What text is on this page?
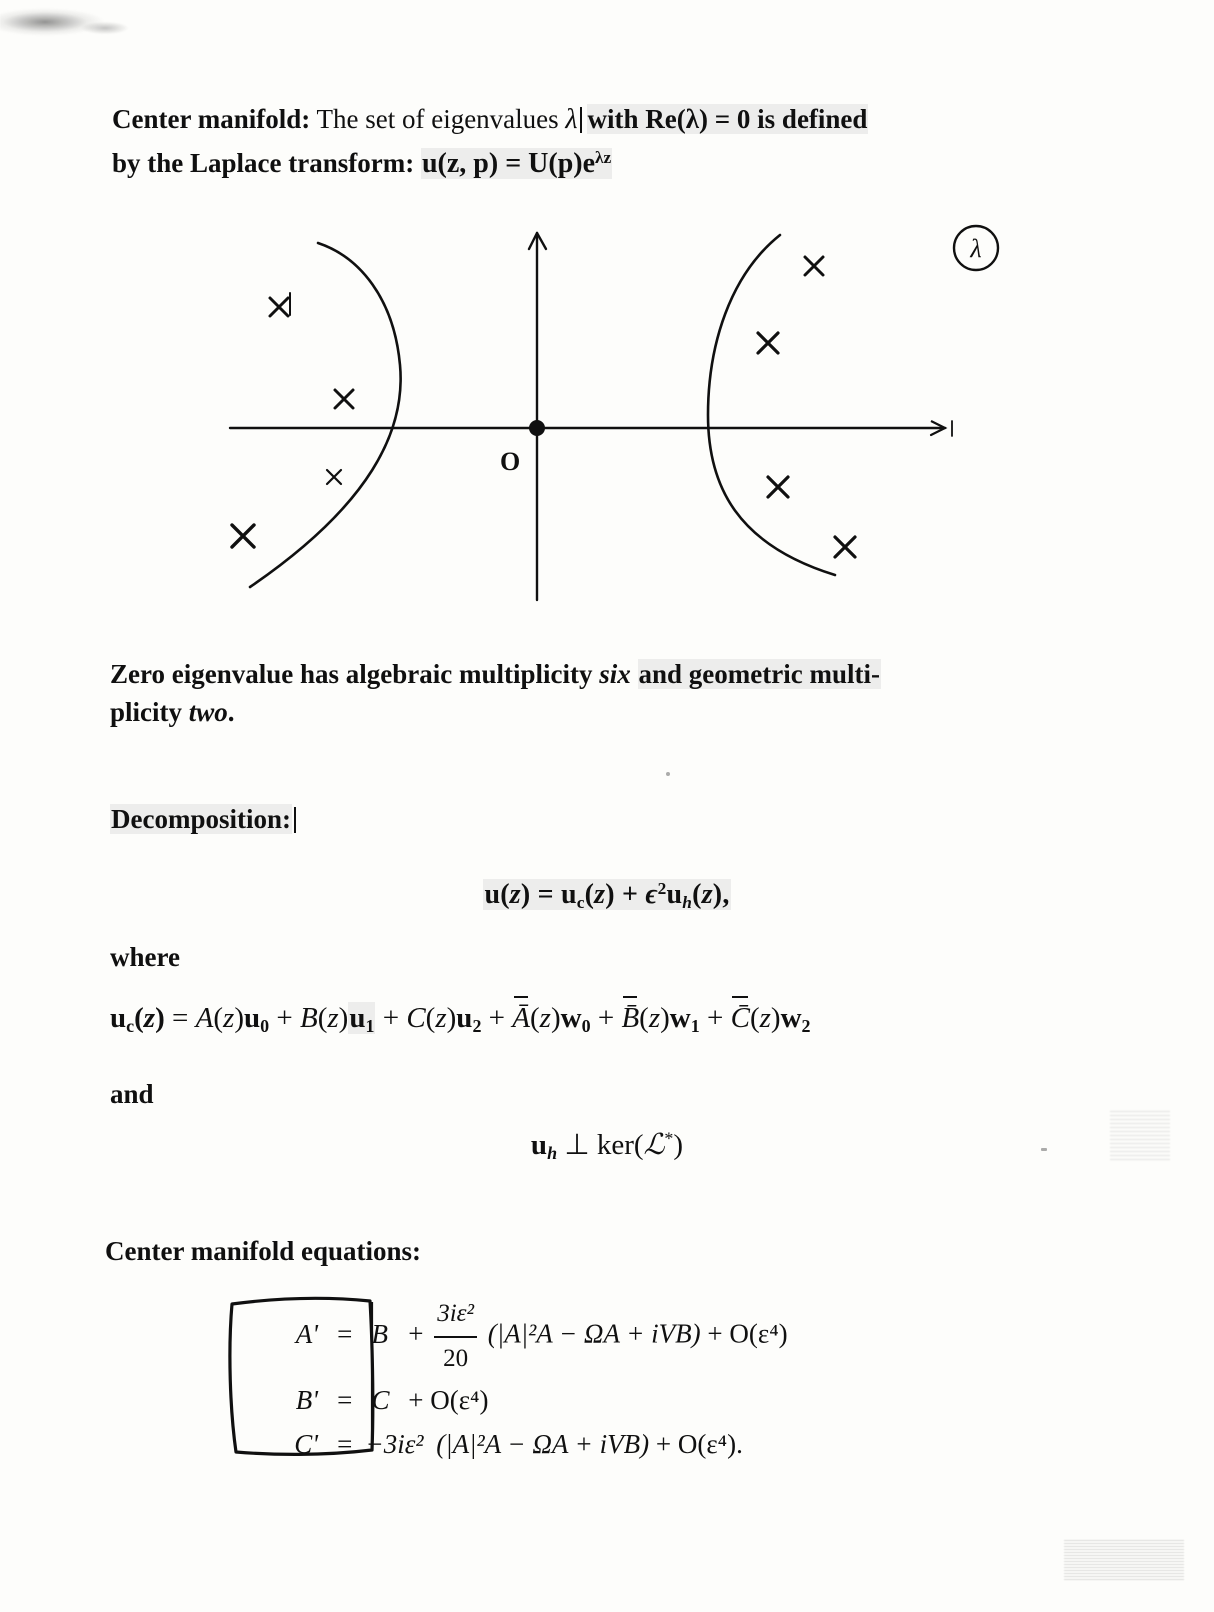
Center manifold: The set of eigenvalues λ with Re(λ) = 0 is defined
by the Laplace transform: u(z, $p) = U(p)e^{\lambda z}$
O
λ
Zero eigenvalue has algebraic multiplicity six and geometric multi-
plicity two.
Decomposition:
$u(z) = u_c(z) + \epsilon^2u_h(z)$,
where
$u_c(z) = A(z)u_0 + B(z)u_1 + C(z)u_2$ + Ā
$(z)w_0$ + B̄
$(z)w_1$ + C̄
$(z)w_2$
and
$u_h$ ⊥ ker(ℒ*)
Center manifold equations:
$A' = B + \frac{\text{3iε²}}{20} (|A|^2A - \Omega A + iVB) + O(\varepsilon^4)$
B' = C + O(ε⁴)
C' = −3iε² (|A|²A − ΩA + iVB) + O(ε⁴).
